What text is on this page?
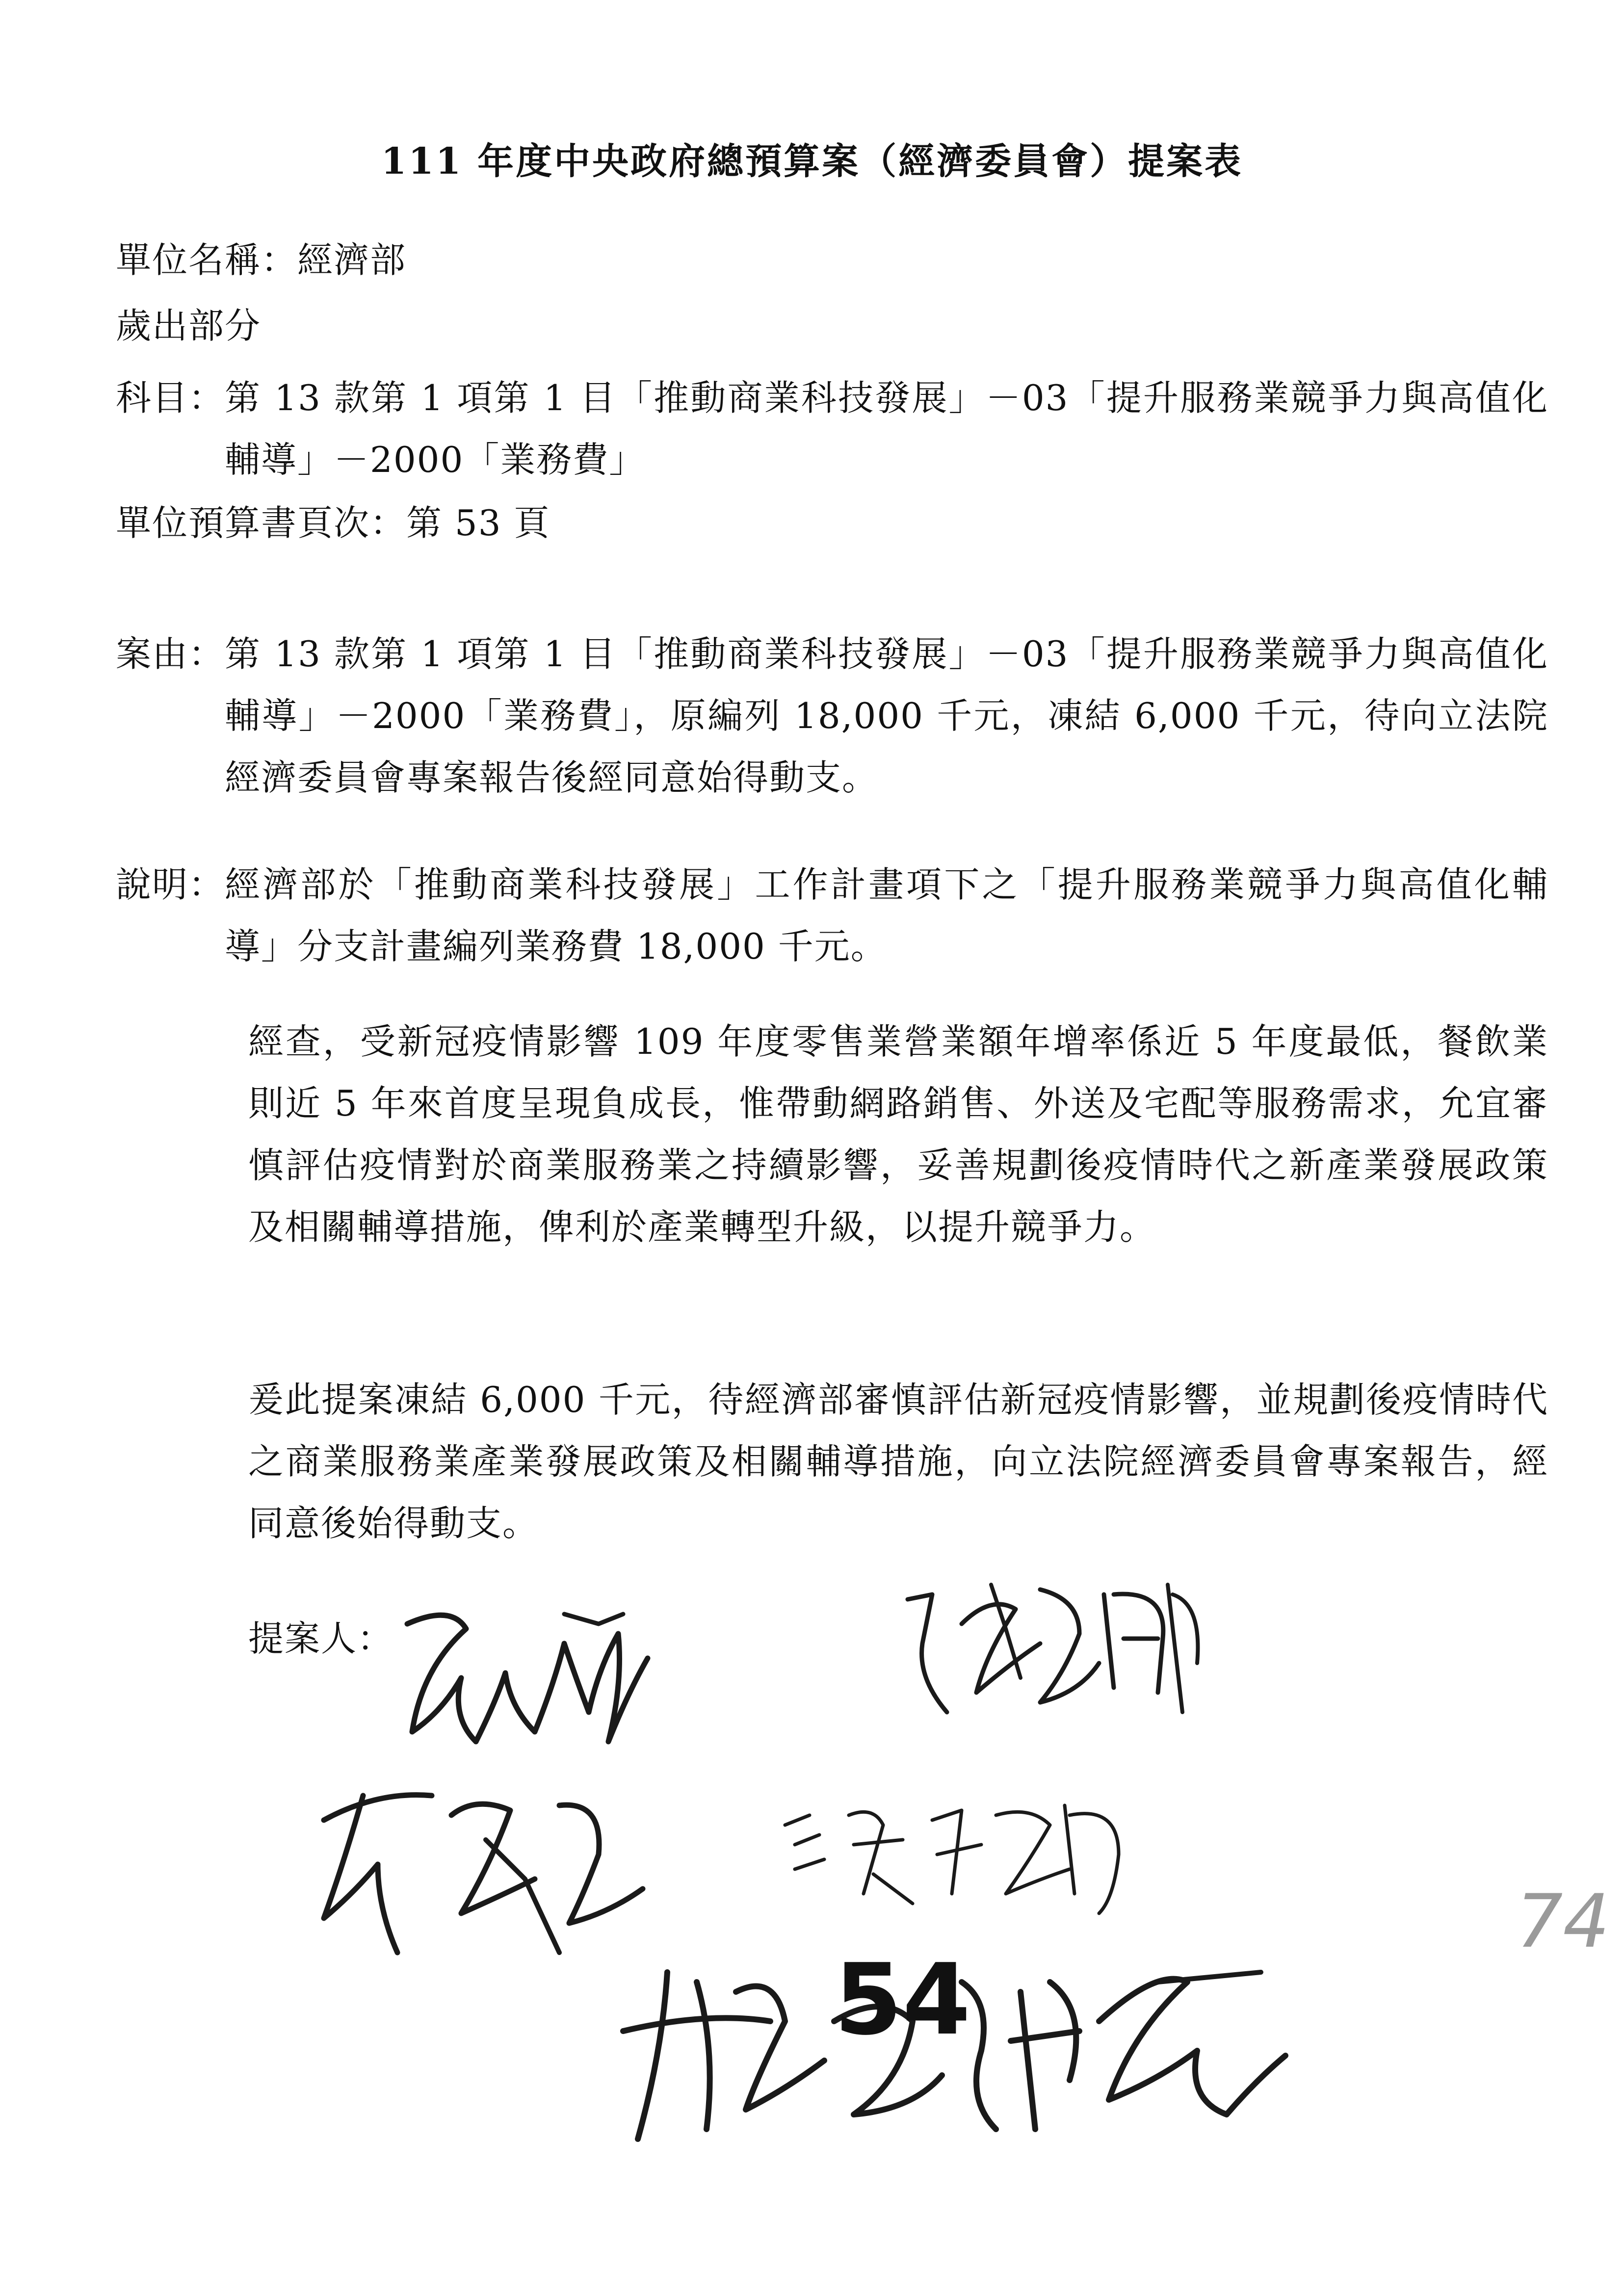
111 年度中央政府總預算案（經濟委員會）提案表
單位名稱：經濟部
歲出部分
科目： 第 13 款第 1 項第 1 目「推動商業科技發展」－03「提升服務業競爭力與高值化輔導」－2000「業務費」
單位預算書頁次：第 53 頁
案由： 第 13 款第 1 項第 1 目「推動商業科技發展」－03「提升服務業競爭力與高值化輔導」－2000「業務費」，原編列 18,000 千元，凍結 6,000 千元，待向立法院經濟委員會專案報告後經同意始得動支。
說明： 經濟部於「推動商業科技發展」工作計畫項下之「提升服務業競爭力與高值化輔導」分支計畫編列業務費 18,000 千元。
經查，受新冠疫情影響 109 年度零售業營業額年增率係近 5 年度最低，餐飲業則近 5 年來首度呈現負成長，惟帶動網路銷售、外送及宅配等服務需求，允宜審慎評估疫情對於商業服務業之持續影響，妥善規劃後疫情時代之新產業發展政策及相關輔導措施，俾利於產業轉型升級，以提升競爭力。
爰此提案凍結 6,000 千元，待經濟部審慎評估新冠疫情影響，並規劃後疫情時代之商業服務業產業發展政策及相關輔導措施，向立法院經濟委員會專案報告，經同意後始得動支。
提案人：
54
74
